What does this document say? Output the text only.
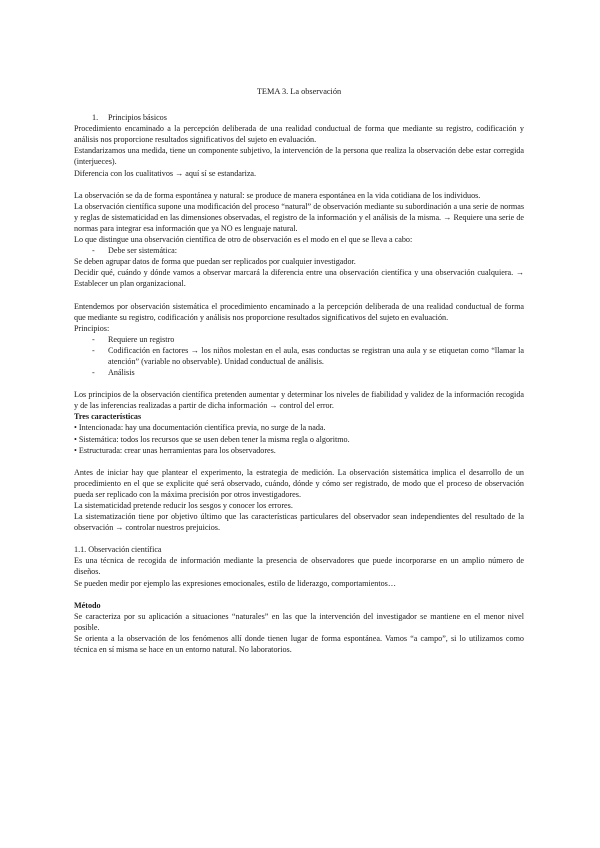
TEMA 3. La observación
1. Principios básicos

Procedimiento encaminado a la percepción deliberada de una realidad conductual de forma que mediante su registro, codificación y análisis nos proporcione resultados significativos del sujeto en evaluación.

Estandarizamos una medida, tiene un componente subjetivo, la intervención de la persona que realiza la observación debe estar corregida (interjueces).

Diferencia con los cualitativos → aquí sí se estandariza.

La observación se da de forma espontánea y natural: se produce de manera espontánea en la vida cotidiana de los individuos.

La observación científica supone una modificación del proceso “natural” de observación mediante su subordinación a una serie de normas y reglas de sistematicidad en las dimensiones observadas, el registro de la información y el análisis de la misma. → Requiere una serie de normas para integrar esa información que ya NO es lenguaje natural.

Lo que distingue una observación científica de otro de observación es el modo en el que se lleva a cabo:

- Debe ser sistemática:

Se deben agrupar datos de forma que puedan ser replicados por cualquier investigador.

Decidir qué, cuándo y dónde vamos a observar marcará la diferencia entre una observación científica y una observación cualquiera. → Establecer un plan organizacional.

Entendemos por observación sistemática el procedimiento encaminado a la percepción deliberada de una realidad conductual de forma que mediante su registro, codificación y análisis nos proporcione resultados significativos del sujeto en evaluación.

Principios:

- Requiere un registro
- Codificación en factores → los niños molestan en el aula, esas conductas se registran una aula y se etiquetan como “llamar la atención” (variable no observable). Unidad conductual de análisis.
- Análisis

Los principios de la observación científica pretenden aumentar y determinar los niveles de fiabilidad y validez de la información recogida y de las inferencias realizadas a partir de dicha información → control del error.

Tres características

• Intencionada: hay una documentación científica previa, no surge de la nada.

• Sistemática: todos los recursos que se usen deben tener la misma regla o algoritmo.

• Estructurada: crear unas herramientas para los observadores.

Antes de iniciar hay que plantear el experimento, la estrategia de medición. La observación sistemática implica el desarrollo de un procedimiento en el que se explicite qué será observado, cuándo, dónde y cómo ser registrado, de modo que el proceso de observación pueda ser replicado con la máxima precisión por otros investigadores.

La sistematicidad pretende reducir los sesgos y conocer los errores.

La sistematización tiene por objetivo último que las características particulares del observador sean independientes del resultado de la observación → controlar nuestros prejuicios.

1.1. Observación científica

Es una técnica de recogida de información mediante la presencia de observadores que puede incorporarse en un amplio número de diseños.

Se pueden medir por ejemplo las expresiones emocionales, estilo de liderazgo, comportamientos…

Método

Se caracteriza por su aplicación a situaciones “naturales” en las que la intervención del investigador se mantiene en el menor nivel posible.

Se orienta a la observación de los fenómenos allí donde tienen lugar de forma espontánea. Vamos “a campo”, si lo utilizamos como técnica en sí misma se hace en un entorno natural. No laboratorios.
